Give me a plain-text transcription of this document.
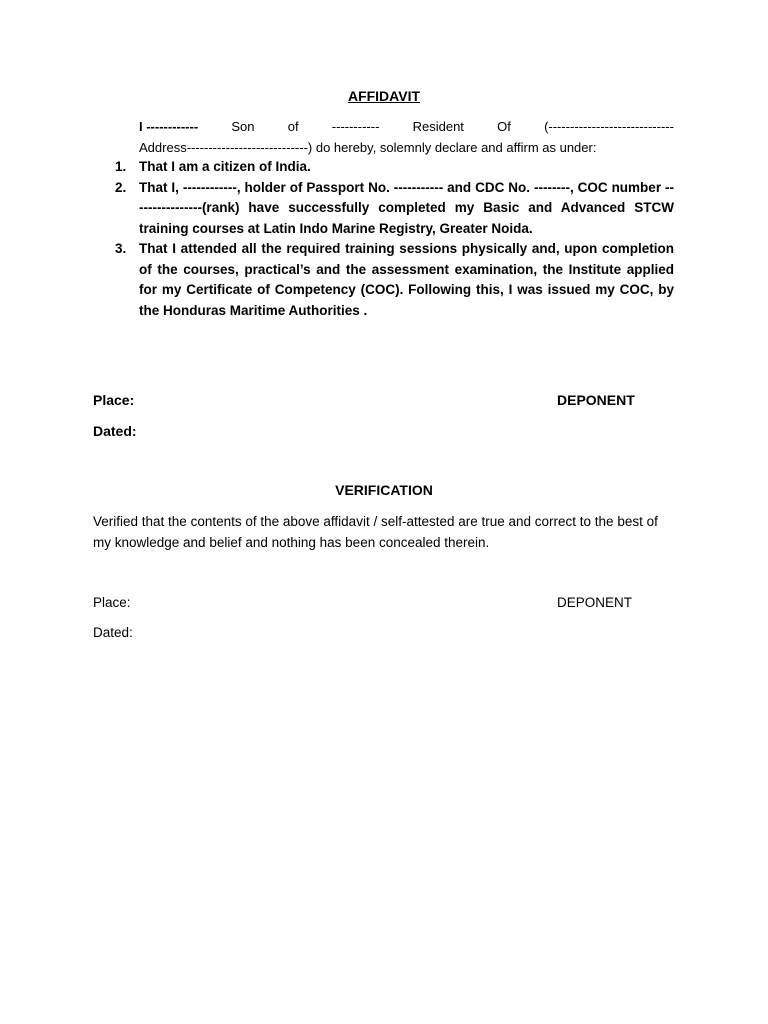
AFFIDAVIT
I ------------	Son	of	-----------	Resident	Of	(-----------------------------
Address----------------------------) do hereby, solemnly declare and affirm as under:
1. That I am a citizen of India.
2. That I, ------------, holder of Passport No. ----------- and CDC No. --------, COC number ----------------(rank) have successfully completed my Basic and Advanced STCW training courses at Latin Indo Marine Registry, Greater Noida.
3. That I attended all the required training sessions physically and, upon completion of the courses, practical’s and the assessment examination, the Institute applied for my Certificate of Competency (COC). Following this, I was issued my COC, by the Honduras Maritime Authorities .
Place:	DEPONENT
Dated:
VERIFICATION
Verified that the contents of the above affidavit / self-attested are true and correct to the best of my knowledge and belief and nothing has been concealed therein.
Place:	DEPONENT
Dated:
